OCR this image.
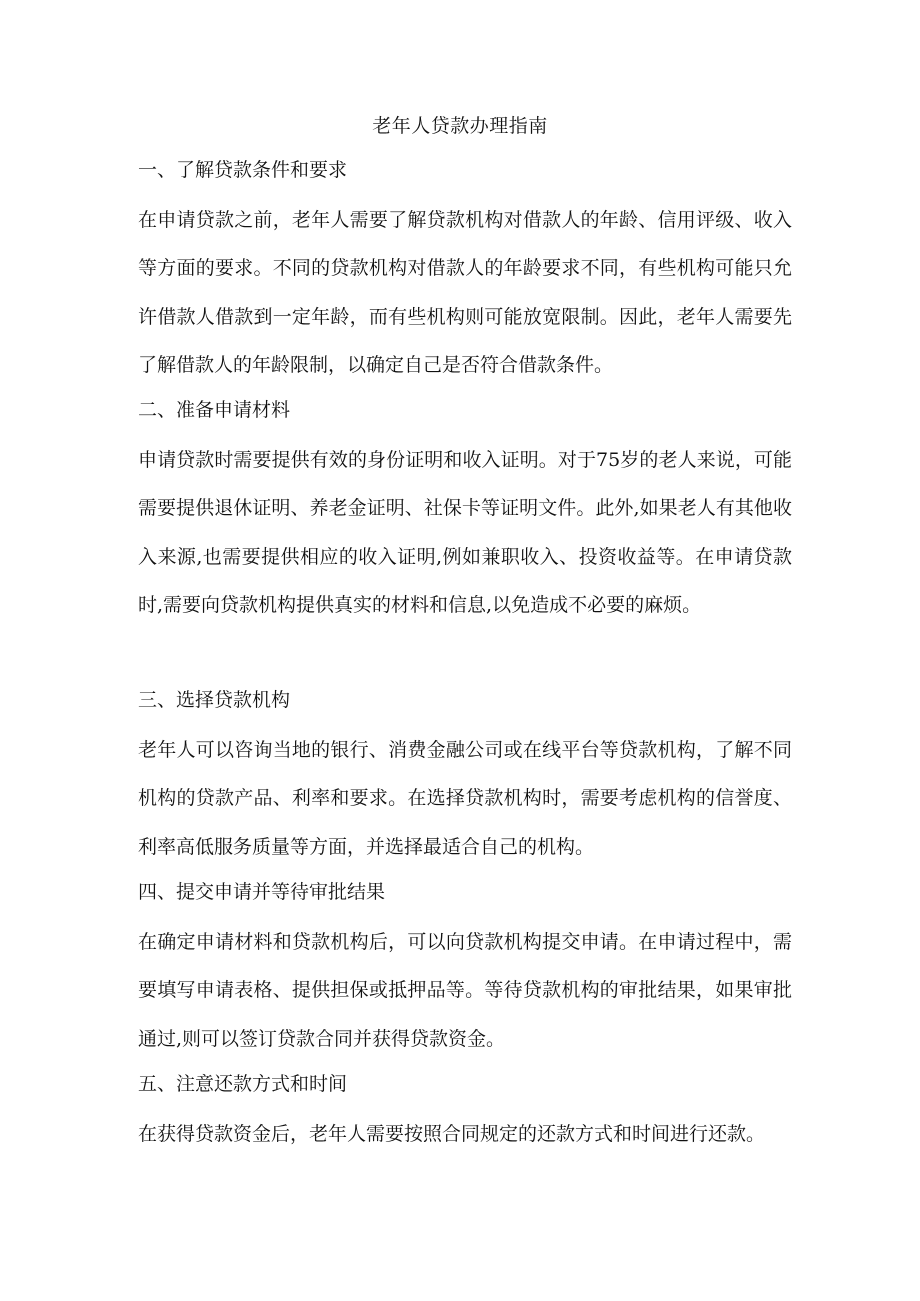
老年人贷款办理指南
一、了解贷款条件和要求

在申请贷款之前，老年人需要了解贷款机构对借款人的年龄、信用评级、收入等方面的要求。不同的贷款机构对借款人的年龄要求不同，有些机构可能只允许借款人借款到一定年龄，而有些机构则可能放宽限制。因此，老年人需要先了解借款人的年龄限制，以确定自己是否符合借款条件。

二、准备申请材料

申请贷款时需要提供有效的身份证明和收入证明。对于75岁的老人来说，可能需要提供退休证明、养老金证明、社保卡等证明文件。此外,如果老人有其他收入来源,也需要提供相应的收入证明,例如兼职收入、投资收益等。在申请贷款时,需要向贷款机构提供真实的材料和信息,以免造成不必要的麻烦。

三、选择贷款机构

老年人可以咨询当地的银行、消费金融公司或在线平台等贷款机构，了解不同机构的贷款产品、利率和要求。在选择贷款机构时，需要考虑机构的信誉度、利率高低服务质量等方面，并选择最适合自己的机构。

四、提交申请并等待审批结果

在确定申请材料和贷款机构后，可以向贷款机构提交申请。在申请过程中，需要填写申请表格、提供担保或抵押品等。等待贷款机构的审批结果，如果审批通过,则可以签订贷款合同并获得贷款资金。

五、注意还款方式和时间

在获得贷款资金后，老年人需要按照合同规定的还款方式和时间进行还款。
